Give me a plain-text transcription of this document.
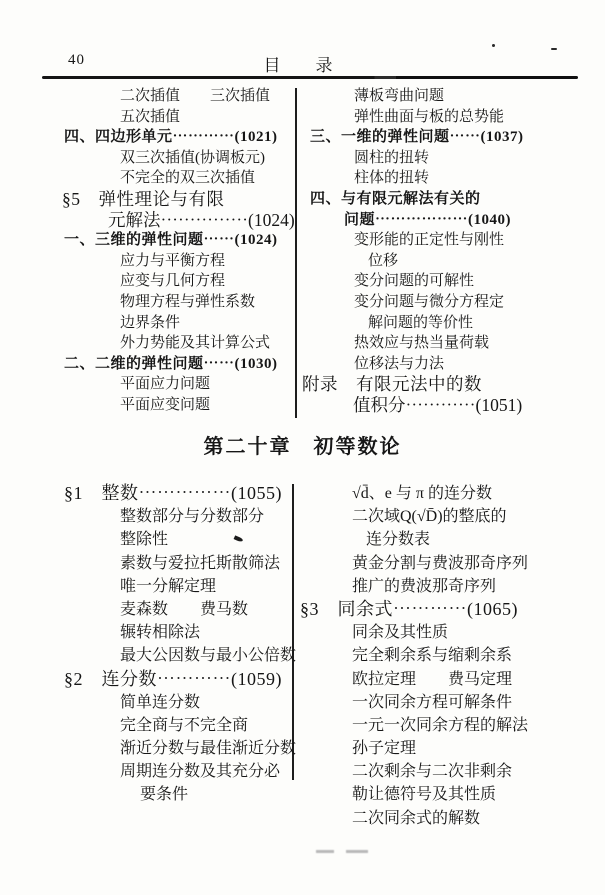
40	目　录
二次插值　　三次插值
五次插值
四、四边形单元⋯⋯⋯⋯(1021)
双三次插值(协调板元)
不完全的双三次插值
§5　弹性理论与有限
元解法⋯⋯⋯⋯⋯(1024)
一、三维的弹性问题⋯⋯(1024)
应力与平衡方程
应变与几何方程
物理方程与弹性系数
边界条件
外力势能及其计算公式
二、二维的弹性问题⋯⋯(1030)
平面应力问题
平面应变问题
薄板弯曲问题
弹性曲面与板的总势能
三、一维的弹性问题⋯⋯(1037)
圆柱的扭转
柱体的扭转
四、与有限元解法有关的
问题⋯⋯⋯⋯⋯⋯(1040)
变形能的正定性与刚性
位移
变分问题的可解性
变分问题与微分方程定
解问题的等价性
热效应与热当量荷载
位移法与力法
附录　有限元法中的数
值积分⋯⋯⋯⋯(1051)
第二十章　初等数论
§1　整数⋯⋯⋯⋯⋯(1055)
整数部分与分数部分
整除性
素数与爱拉托斯散筛法
唯一分解定理
麦森数　　费马数
辗转相除法
最大公因数与最小公倍数
§2　连分数⋯⋯⋯⋯(1059)
简单连分数
完全商与不完全商
渐近分数与最佳渐近分数
周期连分数及其充分必
要条件
√d̄、e 与 π 的连分数
二次域Q(√D̄)的整底的
连分数表
黄金分割与费波那奇序列
推广的费波那奇序列
§3　同余式⋯⋯⋯⋯(1065)
同余及其性质
完全剩余系与缩剩余系
欧拉定理　　费马定理
一次同余方程可解条件
一元一次同余方程的解法
孙子定理
二次剩余与二次非剩余
勒让德符号及其性质
二次同余式的解数
